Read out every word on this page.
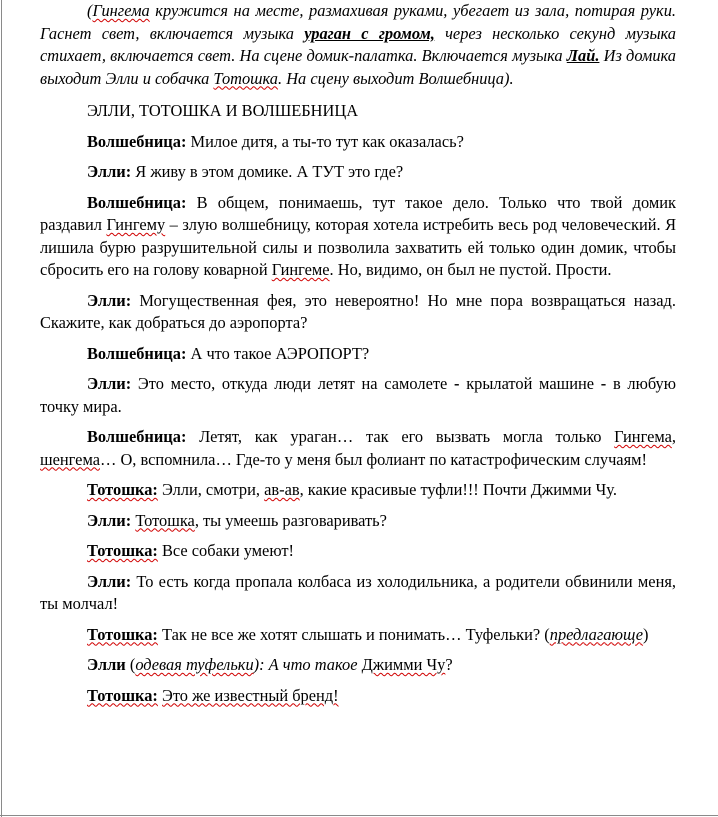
(Гингема кружится на месте, размахивая руками, убегает из зала, потирая руки. Гаснет свет, включается музыка ураган с громом, через несколько секунд музыка стихает, включается свет. На сцене домик-палатка. Включается музыка Лай. Из домика выходит Элли и собачка Тотошка. На сцену выходит Волшебница).

ЭЛЛИ, ТОТОШКА И ВОЛШЕБНИЦА

Волшебница: Милое дитя, а ты-то тут как оказалась?

Элли: Я живу в этом домике. А ТУТ это где?

Волшебница: В общем, понимаешь, тут такое дело. Только что твой домик раздавил Гингему – злую волшебницу, которая хотела истребить весь род человеческий. Я лишила бурю разрушительной силы и позволила захватить ей только один домик, чтобы сбросить его на голову коварной Гингеме. Но, видимо, он был не пустой. Прости.

Элли: Могущественная фея, это невероятно! Но мне пора возвращаться назад. Скажите, как добраться до аэропорта?

Волшебница: А что такое АЭРОПОРТ?

Элли: Это место, откуда люди летят на самолете - крылатой машине - в любую точку мира.

Волшебница: Летят, как ураган… так его вызвать могла только Гингема, шенгема… О, вспомнила… Где-то у меня был фолиант по катастрофическим случаям!

Тотошка: Элли, смотри, ав-ав, какие красивые туфли!!! Почти Джимми Чу.

Элли: Тотошка, ты умеешь разговаривать?

Тотошка: Все собаки умеют!

Элли: То есть когда пропала колбаса из холодильника, а родители обвинили меня, ты молчал!

Тотошка: Так не все же хотят слышать и понимать… Туфельки? (предлагающе)

Элли (одевая туфельки): А что такое Джимми Чу?

Тотошка: Это же известный бренд!
